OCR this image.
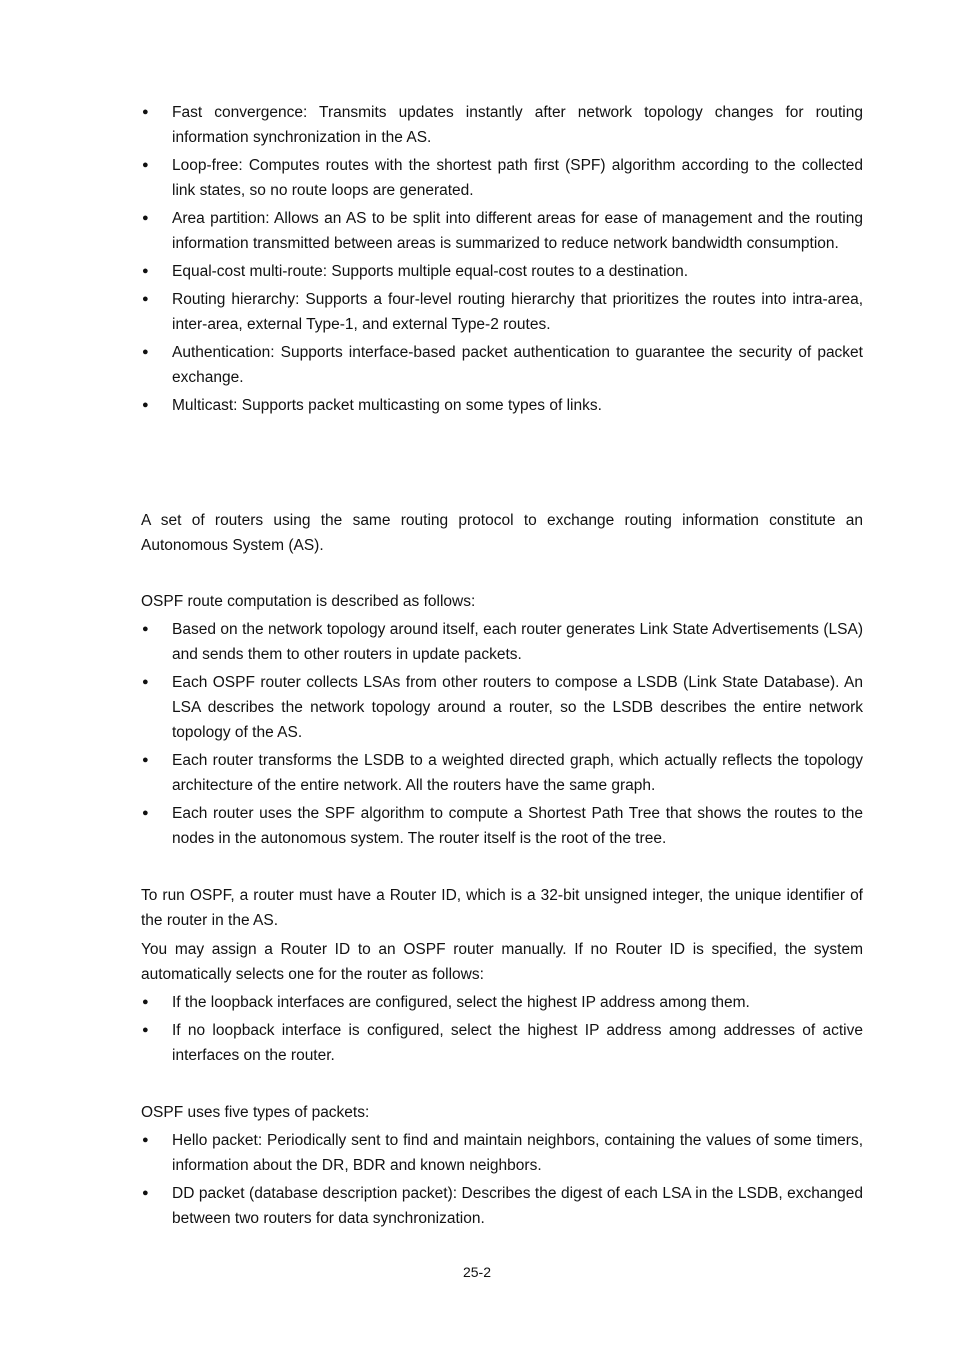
● Fast convergence: Transmits updates instantly after network topology changes for routing information synchronization in the AS.
● Loop-free: Computes routes with the shortest path first (SPF) algorithm according to the collected link states, so no route loops are generated.
● Area partition: Allows an AS to be split into different areas for ease of management and the routing information transmitted between areas is summarized to reduce network bandwidth consumption.
● Equal-cost multi-route: Supports multiple equal-cost routes to a destination.
● Routing hierarchy: Supports a four-level routing hierarchy that prioritizes the routes into intra-area, inter-area, external Type-1, and external Type-2 routes.
● Authentication: Supports interface-based packet authentication to guarantee the security of packet exchange.
● Multicast: Supports packet multicasting on some types of links.

A set of routers using the same routing protocol to exchange routing information constitute an Autonomous System (AS).

OSPF route computation is described as follows:

● Based on the network topology around itself, each router generates Link State Advertisements (LSA) and sends them to other routers in update packets.
● Each OSPF router collects LSAs from other routers to compose a LSDB (Link State Database). An LSA describes the network topology around a router, so the LSDB describes the entire network topology of the AS.
● Each router transforms the LSDB to a weighted directed graph, which actually reflects the topology architecture of the entire network. All the routers have the same graph.
● Each router uses the SPF algorithm to compute a Shortest Path Tree that shows the routes to the nodes in the autonomous system. The router itself is the root of the tree.

To run OSPF, a router must have a Router ID, which is a 32-bit unsigned integer, the unique identifier of the router in the AS.

You may assign a Router ID to an OSPF router manually. If no Router ID is specified, the system automatically selects one for the router as follows:

● If the loopback interfaces are configured, select the highest IP address among them.
● If no loopback interface is configured, select the highest IP address among addresses of active interfaces on the router.

OSPF uses five types of packets:

● Hello packet: Periodically sent to find and maintain neighbors, containing the values of some timers, information about the DR, BDR and known neighbors.
● DD packet (database description packet): Describes the digest of each LSA in the LSDB, exchanged between two routers for data synchronization.
25-2
